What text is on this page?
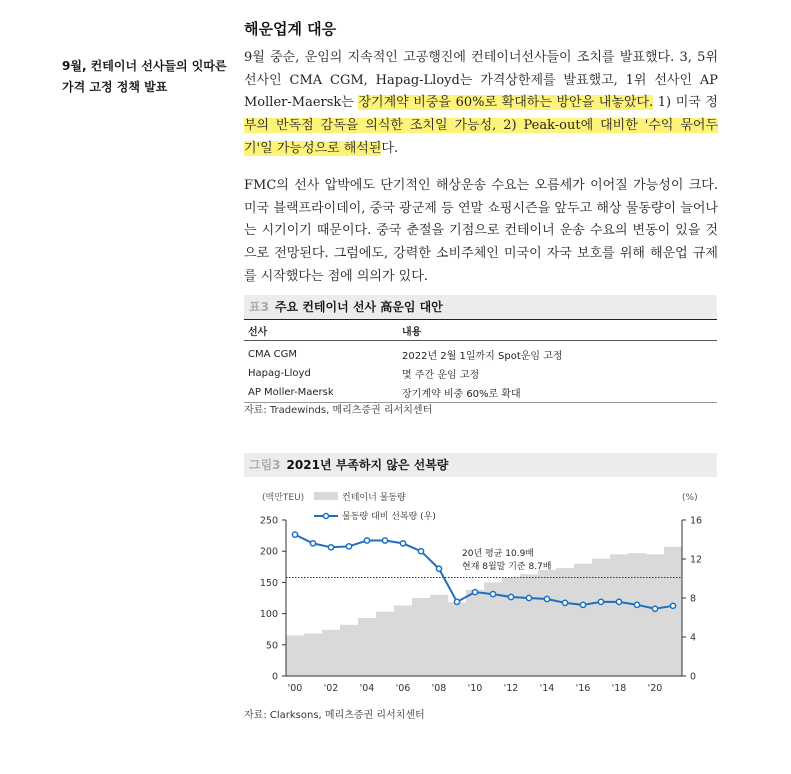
해운업계 대응
9월, 컨테이너 선사들의 잇따른 가격 고정 정책 발표

9월 중순, 운임의 지속적인 고공행진에 컨테이너선사들이 조치를 발표했다. 3, 5위 선사인 CMA CGM, Hapag-Lloyd는 가격상한제를 발표했고, 1위 선사인 AP Moller-Maersk는 장기계약 비중을 60%로 확대하는 방안을 내놓았다. 1) 미국 정부의 반독점 감독을 의식한 조치일 가능성, 2) Peak-out에 대비한 '수익 묶어두기'일 가능성으로 해석된다.

FMC의 선사 압박에도 단기적인 해상운송 수요는 오름세가 이어질 가능성이 크다. 미국 블랙프라이데이, 중국 광군제 등 연말 쇼핑시즌을 앞두고 해상 물동량이 늘어나는 시기이기 때문이다. 중국 춘절을 기점으로 컨테이너 운송 수요의 변동이 있을 것으로 전망된다. 그럼에도, 강력한 소비주체인 미국이 자국 보호를 위해 해운업 규제를 시작했다는 점에 의의가 있다.

표3 주요 컨테이너 선사 高운임 대안
선사	내용
CMA CGM	2022년 2월 1일까지 Spot운임 고정
Hapag-Lloyd	몇 주간 운임 고정
AP Moller-Maersk	장기계약 비중 60%로 확대
자료: Tradewinds, 메리츠증권 리서치센터
그림3 2021년 부족하지 않은 선복량
0
50
100
150
200
250
0
4
8
12
16
'00 '02 '04 '06 '08 '10 '12 '14 '16 '18 '20
컨테이너 물동량
물동량 대비 선복량 (우)
(백만TEU)	(%)
20년 평균 10.9배
현재 8월말 기준 8.7배
자료: Clarksons, 메리츠증권 리서치센터
